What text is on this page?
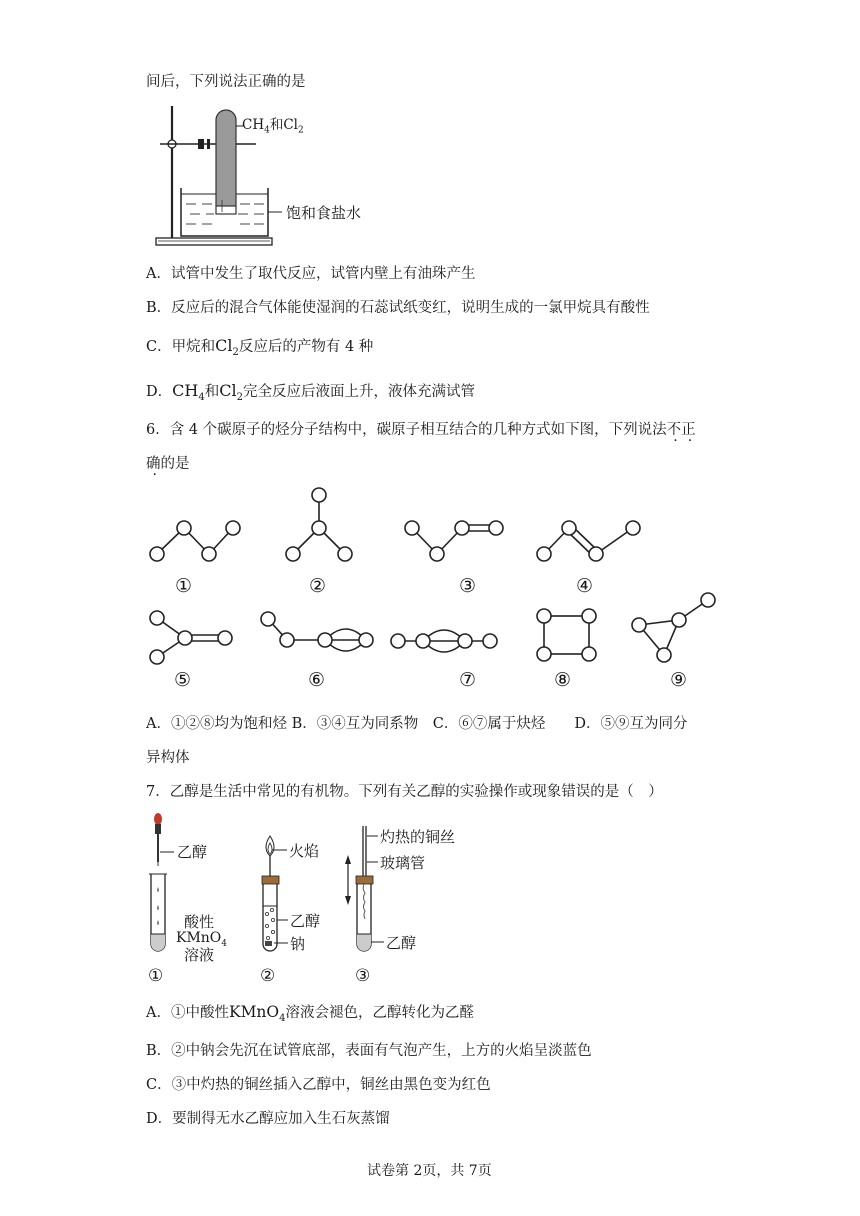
间后，下列说法正确的是
$CH_4$和$Cl_2$
饱和食盐水
A．试管中发生了取代反应，试管内壁上有油珠产生
B．反应后的混合气体能使湿润的石蕊试纸变红，说明生成的一氯甲烷具有酸性
C．甲烷和$Cl_2$反应后的产物有 4 种
D．$CH_4$和$Cl_2$完全反应后液面上升，液体充满试管
6．含 4 个碳原子的烃分子结构中，碳原子相互结合的几种方式如下图，下列说法不正
确的是
①	②	③	④
⑤	⑥	⑦	⑧	⑨
A．①②⑧均为饱和烃 B．③④互为同系物　C．⑥⑦属于炔烃　　D．⑤⑨互为同分
异构体
7．乙醇是生活中常见的有机物。下列有关乙醇的实验操作或现象错误的是（　）
乙醇
酸性
KMnO$_4$
溶液
火焰
乙醇
钠
灼热的铜丝
玻璃管
乙醇
①	②	③
A．①中酸性KMnO$_4$溶液会褪色，乙醇转化为乙醛
B．②中钠会先沉在试管底部，表面有气泡产生，上方的火焰呈淡蓝色
C．③中灼热的铜丝插入乙醇中，铜丝由黑色变为红色
D．要制得无水乙醇应加入生石灰蒸馏
试卷第 2页，共 7页
